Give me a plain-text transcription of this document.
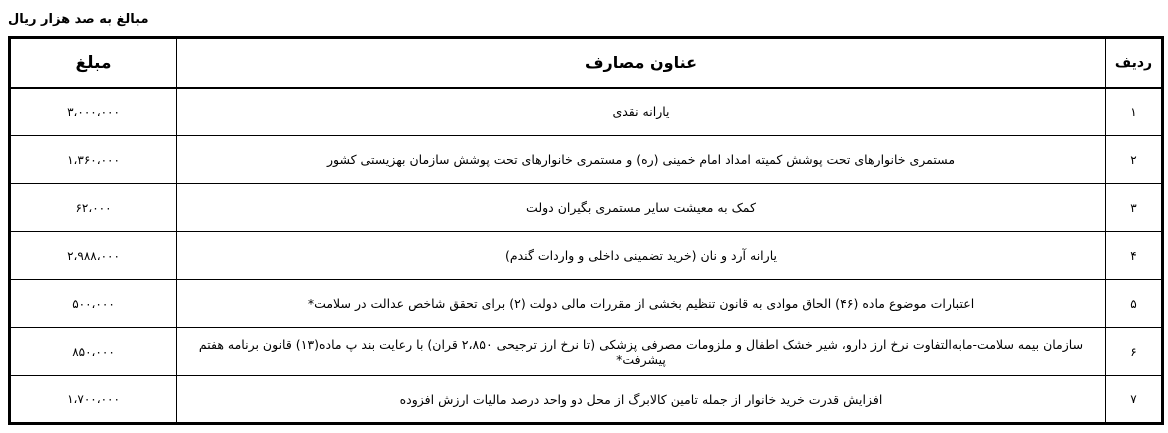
مبالغ به صد هزار ریال
ردیف	عناون مصارف	مبلغ
۱	یارانه نقدی	۳،۰۰۰،۰۰۰
۲	مستمری خانوارهای تحت پوشش کمیته امداد امام خمینی (ره) و مستمری خانوارهای تحت پوشش سازمان بهزیستی کشور	۱،۳۶۰،۰۰۰
۳	کمک به معیشت سایر مستمری بگیران دولت	۶۲،۰۰۰
۴	یارانه آرد و نان (خرید تضمینی داخلی و واردات گندم)	۲،۹۸۸،۰۰۰
۵	اعتبارات موضوع ماده (۴۶) الحاق موادی به قانون تنظیم بخشی از مقررات مالی دولت (۲) برای تحقق شاخص عدالت در سلامت*	۵۰۰،۰۰۰
۶	سازمان بیمه سلامت-مابه‌التفاوت نرخ ارز دارو، شیر خشک اطفال و ملزومات مصرفی پزشکی (تا نرخ ارز ترجیحی ۲،۸۵۰ قران) با رعایت بند پ ماده(۱۳) قانون برنامه هفتم پیشرفت*	۸۵۰،۰۰۰
۷	افزایش قدرت خرید خانوار از جمله تامین کالابرگ از محل دو واحد درصد مالیات ارزش افزوده	۱،۷۰۰،۰۰۰
